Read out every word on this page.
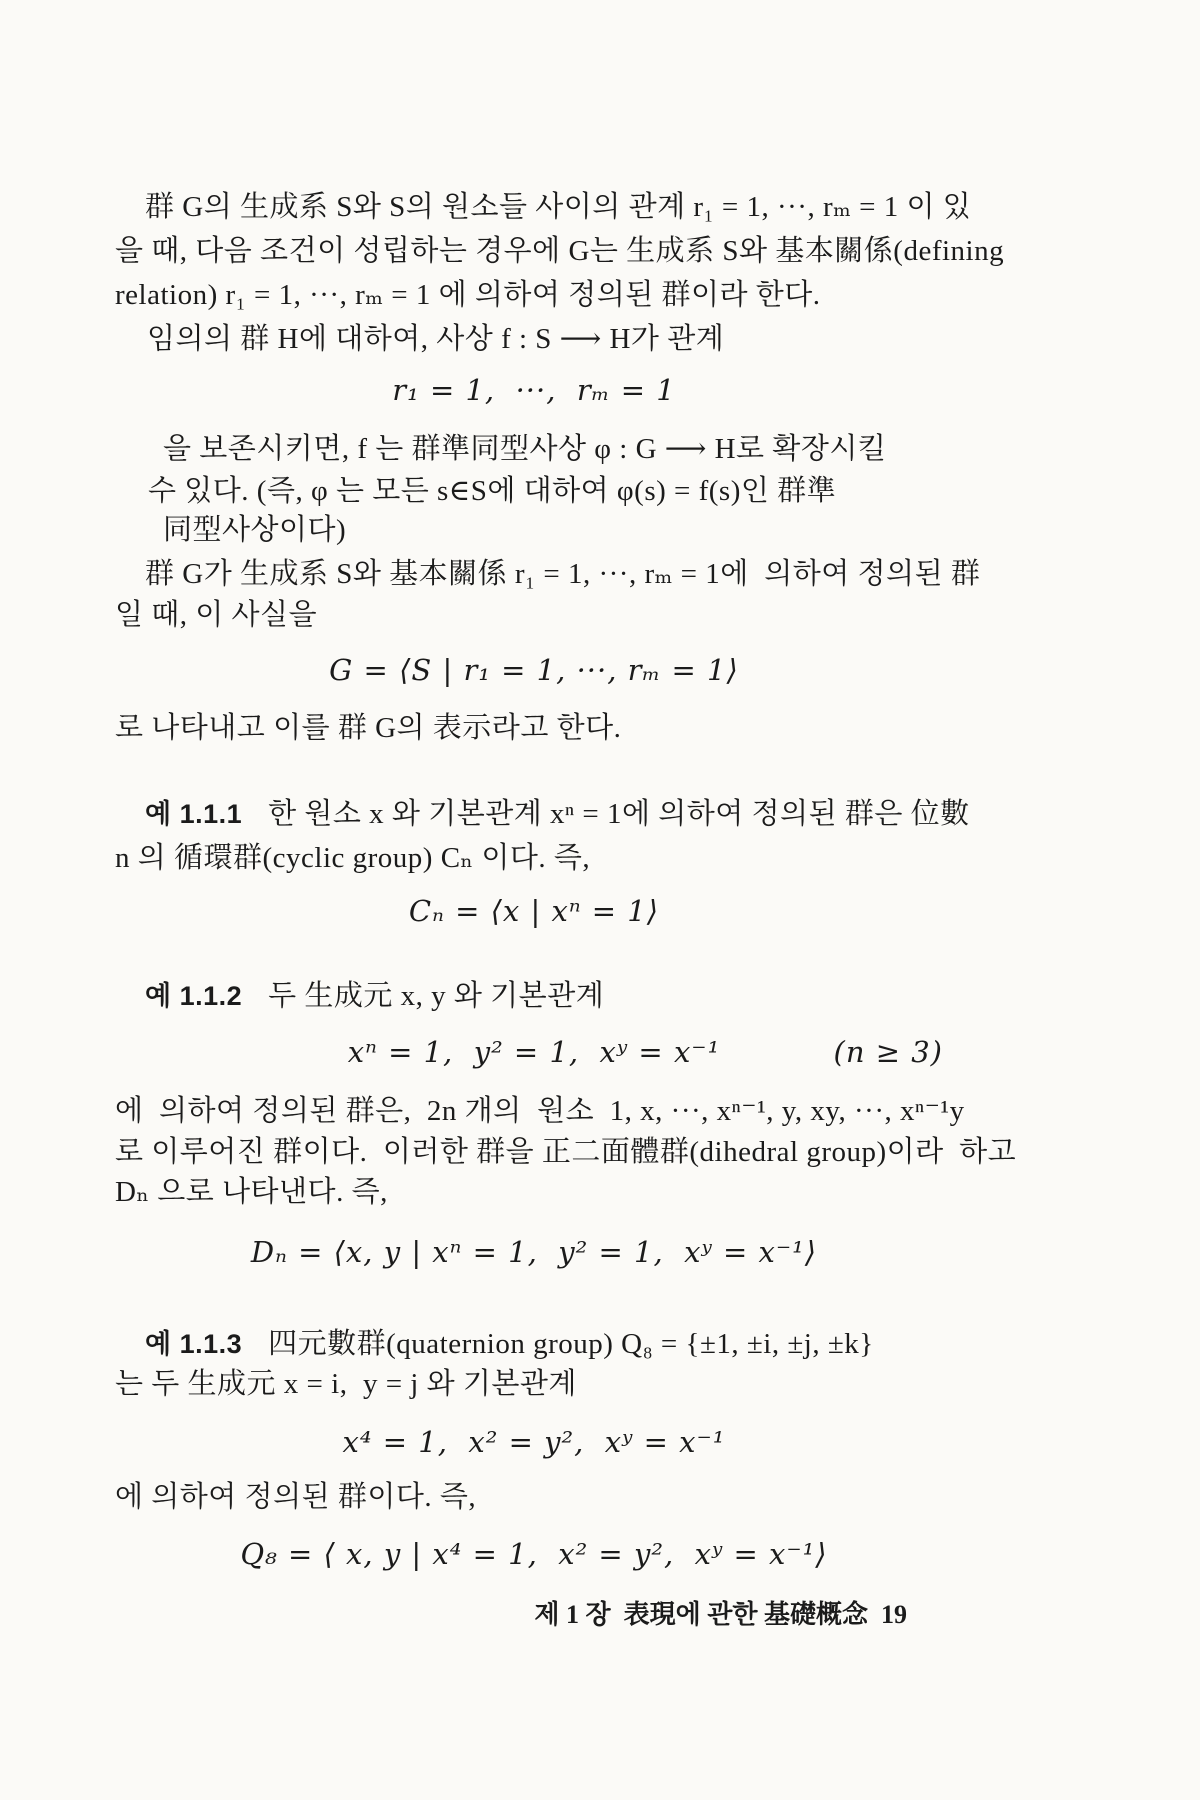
群 G의 生成系 S와 S의 원소들 사이의 관계 r₁ = 1, ···, rₘ = 1 이 있
을 때, 다음 조건이 성립하는 경우에 G는 生成系 S와 基本關係(defining
relation) r₁ = 1, ···, rₘ = 1 에 의하여 정의된 群이라 한다.
임의의 群 H에 대하여, 사상 f : S ⟶ H가 관계
r₁ = 1,  ···,  rₘ = 1
을 보존시키면, f 는 群準同型사상 φ : G ⟶ H로 확장시킬
수 있다. (즉, φ 는 모든 s∈S에 대하여 φ(s) = f(s)인 群準
同型사상이다)
群 G가 生成系 S와 基本關係 r₁ = 1, ···, rₘ = 1에  의하여 정의된 群
일 때, 이 사실을
G = ⟨S | r₁ = 1, ···, rₘ = 1⟩
로 나타내고 이를 群 G의 表示라고 한다.
예 1.1.1 한 원소 x 와 기본관계 xⁿ = 1에 의하여 정의된 群은 位數
n 의 循環群(cyclic group) Cₙ 이다. 즉,
Cₙ = ⟨x | xⁿ = 1⟩
예 1.1.2 두 生成元 x, y 와 기본관계
xⁿ = 1,  y² = 1,  xʸ = x⁻¹	(n ≥ 3)
에  의하여 정의된 群은,  2n 개의  원소  1, x, ···, xⁿ⁻¹, y, xy, ···, xⁿ⁻¹y
로 이루어진 群이다.  이러한 群을 正二面體群(dihedral group)이라  하고
Dₙ 으로 나타낸다. 즉,
Dₙ = ⟨x, y | xⁿ = 1,  y² = 1,  xʸ = x⁻¹⟩
예 1.1.3 四元數群(quaternion group) Q₈ = {±1, ±i, ±j, ±k}
는 두 生成元 x = i,  y = j 와 기본관계
x⁴ = 1,  x² = y²,  xʸ = x⁻¹
에 의하여 정의된 群이다. 즉,
Q₈ = ⟨ x, y | x⁴ = 1,  x² = y²,  xʸ = x⁻¹⟩
제 1 장  表現에 관한 基礎概念  19
